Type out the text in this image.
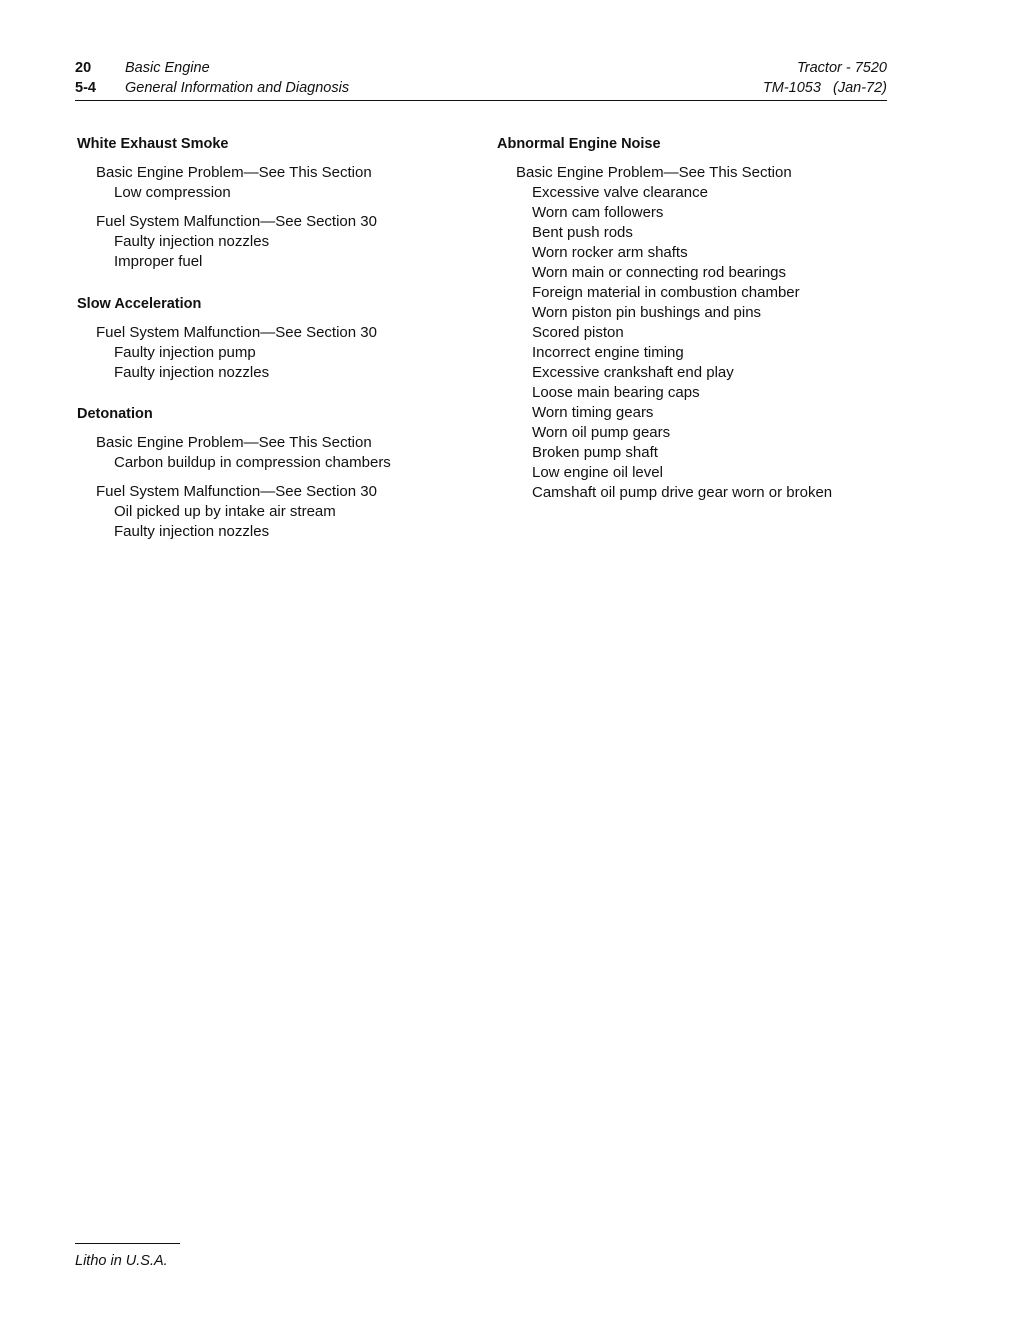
20 Basic Engine
5-4 General Information and Diagnosis
Tractor - 7520
TM-1053   (Jan-72)
White Exhaust Smoke
Basic Engine Problem—See This Section
Low compression
Fuel System Malfunction—See Section 30
Faulty injection nozzles
Improper fuel
Slow Acceleration
Fuel System Malfunction—See Section 30
Faulty injection pump
Faulty injection nozzles
Detonation
Basic Engine Problem—See This Section
Carbon buildup in compression chambers
Fuel System Malfunction—See Section 30
Oil picked up by intake air stream
Faulty injection nozzles
Abnormal Engine Noise
Basic Engine Problem—See This Section
Excessive valve clearance
Worn cam followers
Bent push rods
Worn rocker arm shafts
Worn main or connecting rod bearings
Foreign material in combustion chamber
Worn piston pin bushings and pins
Scored piston
Incorrect engine timing
Excessive crankshaft end play
Loose main bearing caps
Worn timing gears
Worn oil pump gears
Broken pump shaft
Low engine oil level
Camshaft oil pump drive gear worn or broken
Litho in U.S.A.
